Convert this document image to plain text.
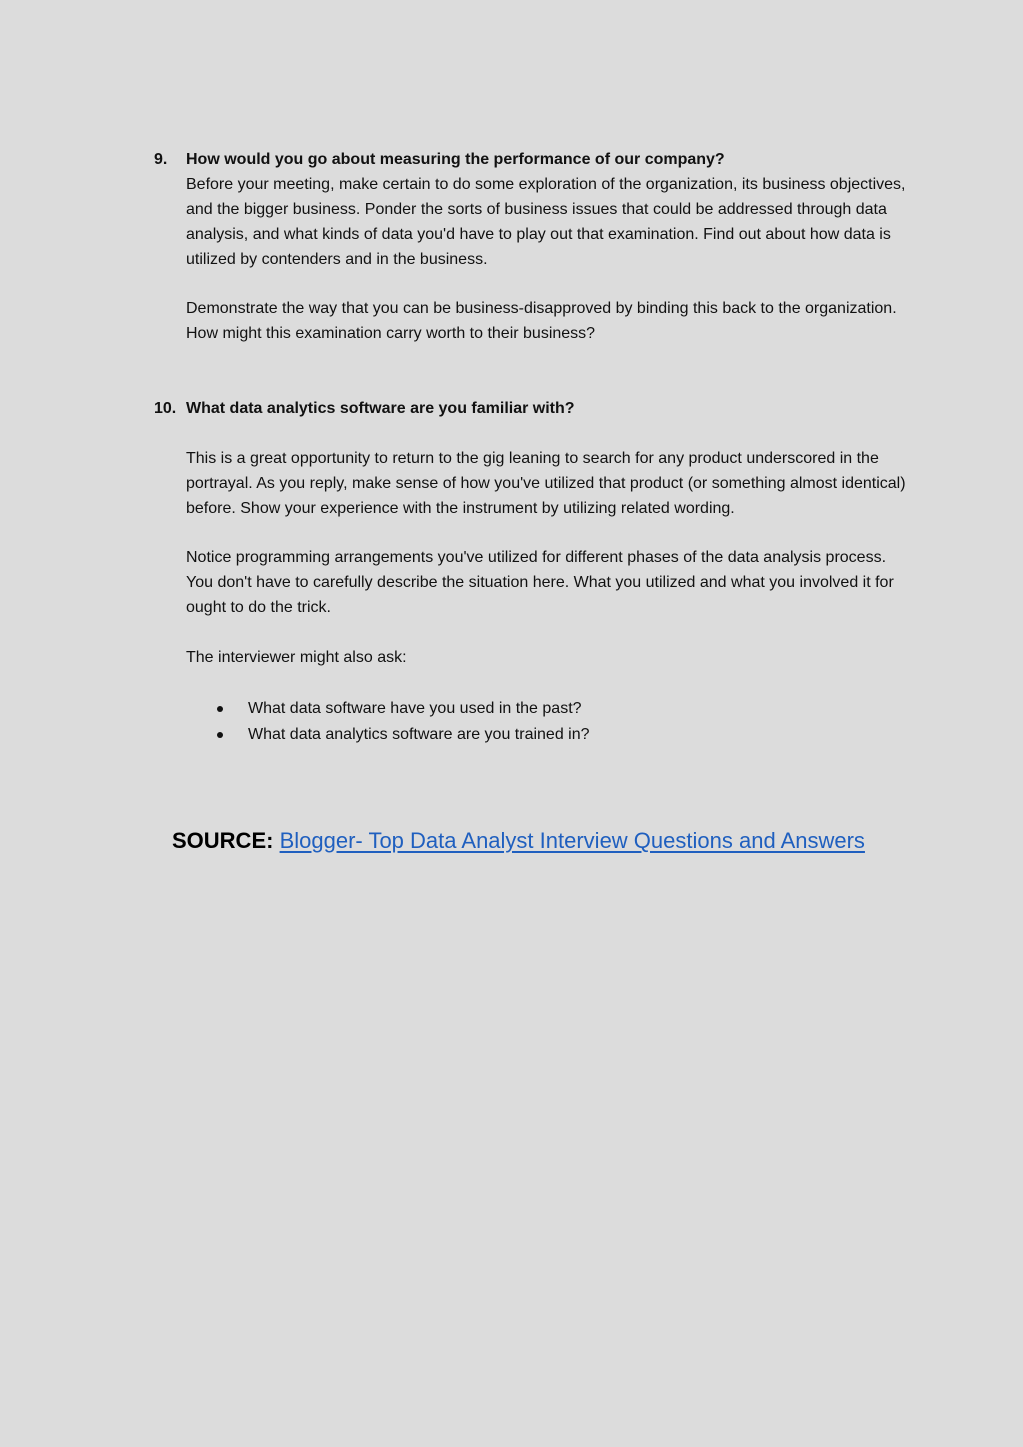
9. How would you go about measuring the performance of our company?

Before your meeting, make certain to do some exploration of the organization, its business objectives, and the bigger business. Ponder the sorts of business issues that could be addressed through data analysis, and what kinds of data you'd have to play out that examination. Find out about how data is utilized by contenders and in the business.

Demonstrate the way that you can be business-disapproved by binding this back to the organization. How might this examination carry worth to their business?

10. What data analytics software are you familiar with?

This is a great opportunity to return to the gig leaning to search for any product underscored in the portrayal. As you reply, make sense of how you've utilized that product (or something almost identical) before. Show your experience with the instrument by utilizing related wording.

Notice programming arrangements you've utilized for different phases of the data analysis process. You don't have to carefully describe the situation here. What you utilized and what you involved it for ought to do the trick.

The interviewer might also ask:

What data software have you used in the past?
What data analytics software are you trained in?
SOURCE: Blogger- Top Data Analyst Interview Questions and Answers
